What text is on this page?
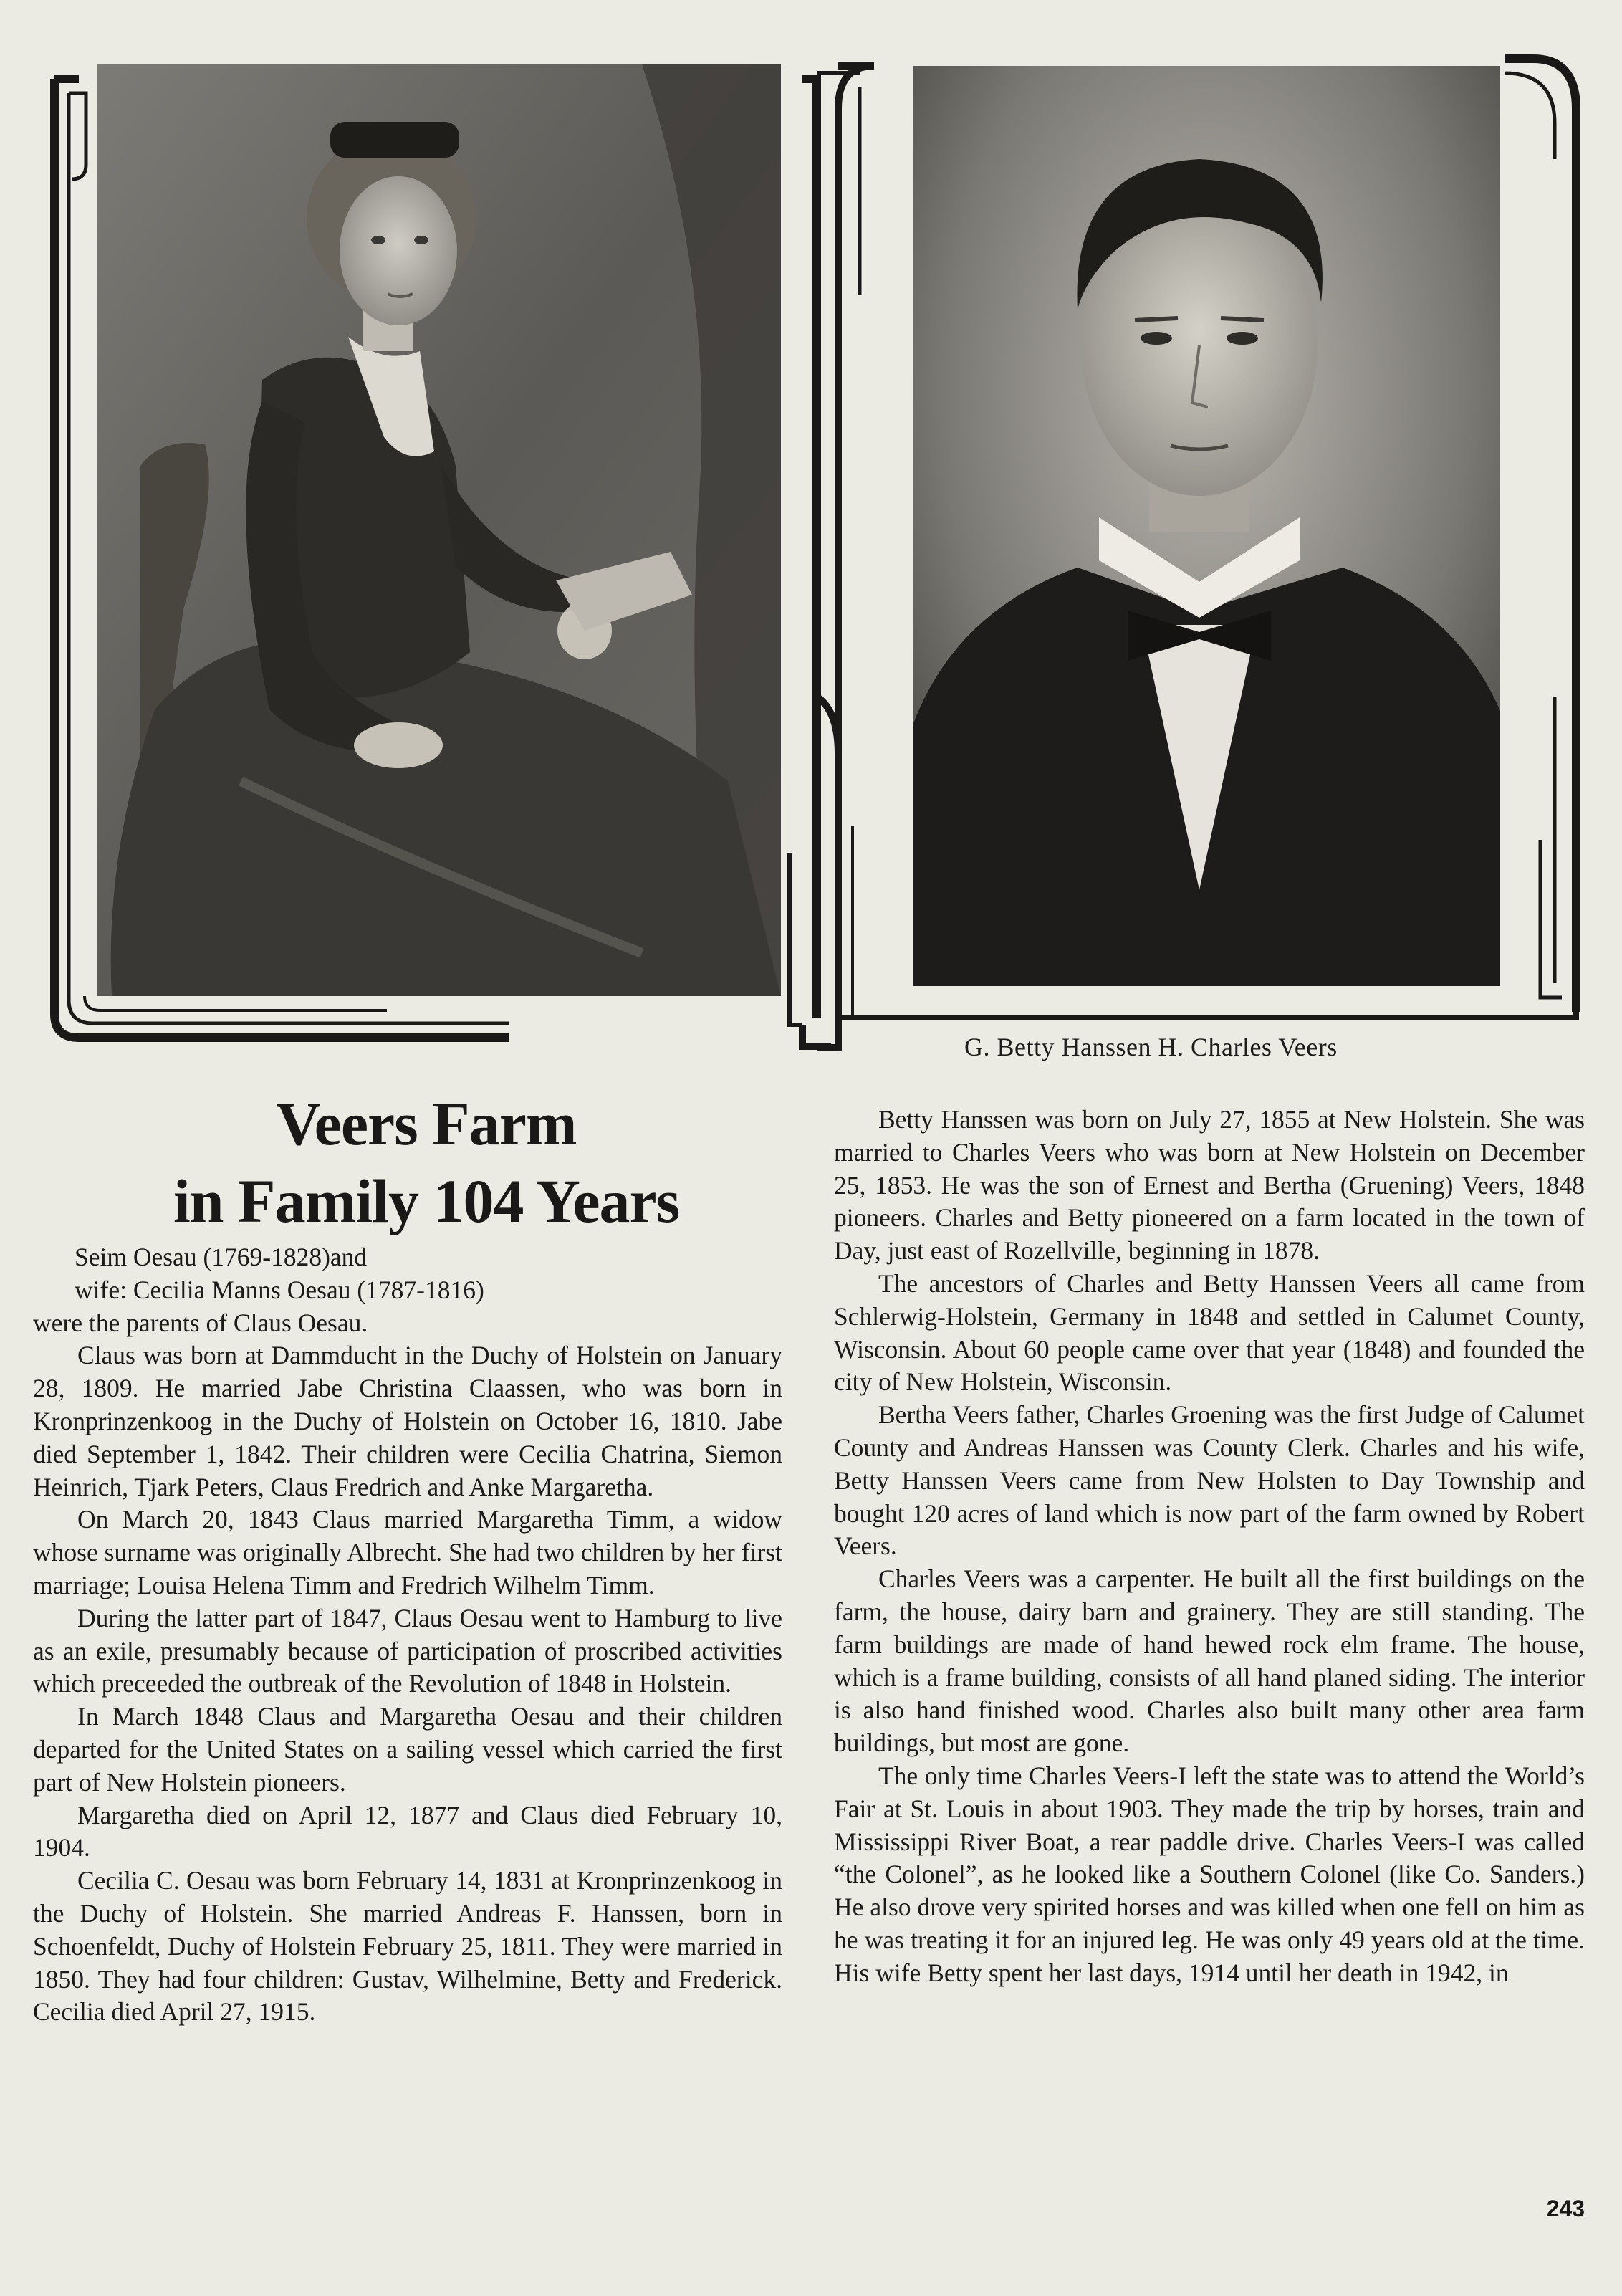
G. Betty Hanssen H. Charles Veers
Veers Farm
in Family 104 Years

Seim Oesau (1769-1828)and

wife: Cecilia Manns Oesau (1787-1816)

were the parents of Claus Oesau.

Claus was born at Dammducht in the Duchy of Holstein on January 28, 1809. He married Jabe Christina Claassen, who was born in Kronprinzenkoog in the Duchy of Holstein on October 16, 1810. Jabe died September 1, 1842. Their children were Cecilia Chatrina, Siemon Heinrich, Tjark Peters, Claus Fredrich and Anke Margaretha.

On March 20, 1843 Claus married Margaretha Timm, a widow whose surname was originally Albrecht. She had two children by her first marriage; Louisa Helena Timm and Fredrich Wilhelm Timm.

During the latter part of 1847, Claus Oesau went to Hamburg to live as an exile, presumably because of participation of proscribed activities which preceeded the outbreak of the Revolution of 1848 in Holstein.

In March 1848 Claus and Margaretha Oesau and their children departed for the United States on a sailing vessel which carried the first part of New Holstein pioneers.

Margaretha died on April 12, 1877 and Claus died February 10, 1904.

Cecilia C. Oesau was born February 14, 1831 at Kronprinzenkoog in the Duchy of Holstein. She married Andreas F. Hanssen, born in Schoenfeldt, Duchy of Holstein February 25, 1811. They were married in 1850. They had four children: Gustav, Wilhelmine, Betty and Frederick. Cecilia died April 27, 1915.

Betty Hanssen was born on July 27, 1855 at New Holstein. She was married to Charles Veers who was born at New Holstein on December 25, 1853. He was the son of Ernest and Bertha (Gruening) Veers, 1848 pioneers. Charles and Betty pioneered on a farm located in the town of Day, just east of Rozellville, beginning in 1878.

The ancestors of Charles and Betty Hanssen Veers all came from Schlerwig-Holstein, Germany in 1848 and settled in Calumet County, Wisconsin. About 60 people came over that year (1848) and founded the city of New Holstein, Wisconsin.

Bertha Veers father, Charles Groening was the first Judge of Calumet County and Andreas Hanssen was County Clerk. Charles and his wife, Betty Hanssen Veers came from New Holsten to Day Township and bought 120 acres of land which is now part of the farm owned by Robert Veers.

Charles Veers was a carpenter. He built all the first buildings on the farm, the house, dairy barn and grainery. They are still standing. The farm buildings are made of hand hewed rock elm frame. The house, which is a frame building, consists of all hand planed siding. The interior is also hand finished wood. Charles also built many other area farm buildings, but most are gone.

The only time Charles Veers-I left the state was to attend the World’s Fair at St. Louis in about 1903. They made the trip by horses, train and Mississippi River Boat, a rear paddle drive. Charles Veers-I was called “the Colonel”, as he looked like a Southern Colonel (like Co. Sanders.) He also drove very spirited horses and was killed when one fell on him as he was treating it for an injured leg. He was only 49 years old at the time. His wife Betty spent her last days, 1914 until her death in 1942, in

243
